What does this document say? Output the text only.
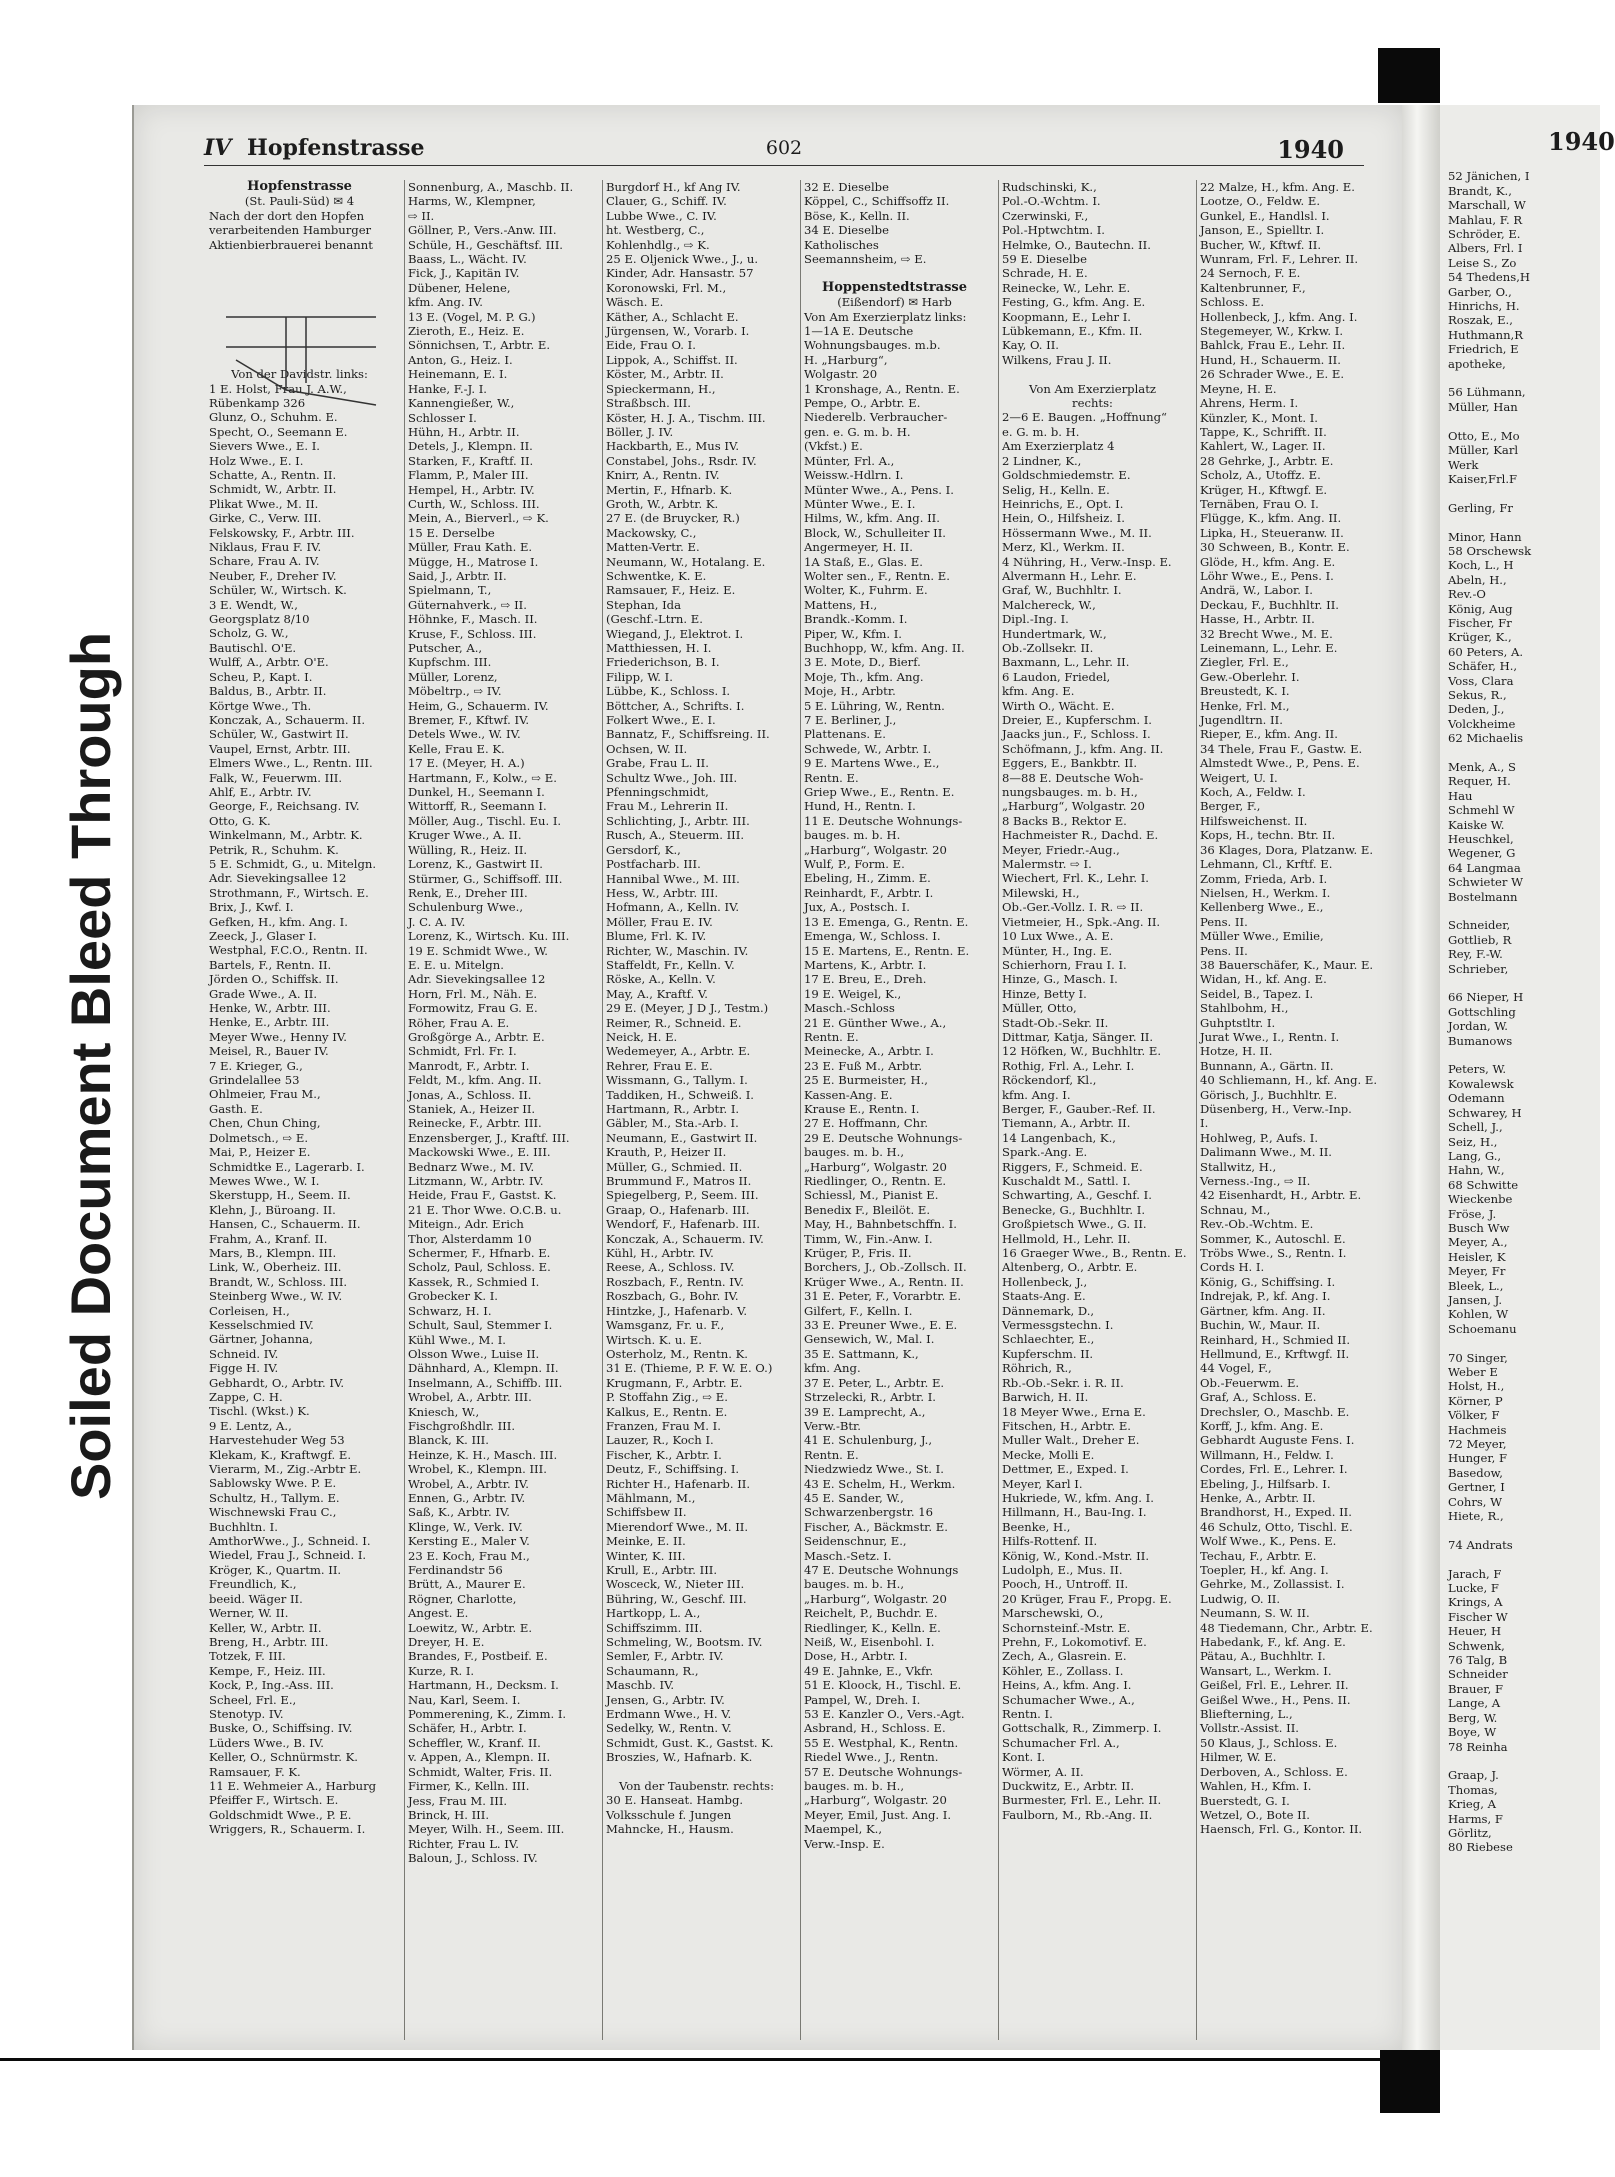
Soiled Document Bleed Through
IV Hopfenstrasse	602	1940
Hopfenstrasse
(St. Pauli-Süd) ✉ 4
Nach der dort den Hopfen
verarbeitenden Hamburger
Aktienbierbrauerei benannt
Von der Davidstr. links:
1 E. Holst, Frau J. A.W.,
Rübenkamp 326
Glunz, O., Schuhm. E.
Specht, O., Seemann E.
Sievers Wwe., E. I.
Holz Wwe., E. I.
Schatte, A., Rentn. II.
Schmidt, W., Arbtr. II.
Plikat Wwe., M. II.
Girke, C., Verw. III.
Felskowsky, F., Arbtr. III.
Niklaus, Frau F. IV.
Schare, Frau A. IV.
Neuber, F., Dreher IV.
Schüler, W., Wirtsch. K.
3 E. Wendt, W.,
Georgsplatz 8/10
Scholz, G. W.,
Bautischl. O'E.
Wulff, A., Arbtr. O'E.
Scheu, P., Kapt. I.
Baldus, B., Arbtr. II.
Körtge Wwe., Th.
Konczak, A., Schauerm. II.
Schüler, W., Gastwirt II.
Vaupel, Ernst, Arbtr. III.
Elmers Wwe., L., Rentn. III.
Falk, W., Feuerwm. III.
Ahlf, E., Arbtr. IV.
George, F., Reichsang. IV.
Otto, G. K.
Winkelmann, M., Arbtr. K.
Petrik, R., Schuhm. K.
5 E. Schmidt, G., u. Mitelgn.
Adr. Sievekingsallee 12
Strothmann, F., Wirtsch. E.
Brix, J., Kwf. I.
Gefken, H., kfm. Ang. I.
Zeeck, J., Glaser I.
Westphal, F.C.O., Rentn. II.
Bartels, F., Rentn. II.
Jörden O., Schiffsk. II.
Grade Wwe., A. II.
Henke, W., Arbtr. III.
Henke, E., Arbtr. III.
Meyer Wwe., Henny IV.
Meisel, R., Bauer IV.
7 E. Krieger, G.,
Grindelallee 53
Ohlmeier, Frau M.,
Gasth. E.
Chen, Chun Ching,
Dolmetsch., ⇨ E.
Mai, P., Heizer E.
Schmidtke E., Lagerarb. I.
Mewes Wwe., W. I.
Skerstupp, H., Seem. II.
Klehn, J., Büroang. II.
Hansen, C., Schauerm. II.
Frahm, A., Kranf. II.
Mars, B., Klempn. III.
Link, W., Oberheiz. III.
Brandt, W., Schloss. III.
Steinberg Wwe., W. IV.
Corleisen, H.,
Kesselschmied IV.
Gärtner, Johanna,
Schneid. IV.
Figge H. IV.
Gebhardt, O., Arbtr. IV.
Zappe, C. H.
Tischl. (Wkst.) K.
9 E. Lentz, A.,
Harvestehuder Weg 53
Klekam, K., Kraftwgf. E.
Vierarm, M., Zig.-Arbtr E.
Sablowsky Wwe. P. E.
Schultz, H., Tallym. E.
Wischnewski Frau C.,
Buchhltn. I.
AmthorWwe., J., Schneid. I.
Wiedel, Frau J., Schneid. I.
Kröger, K., Quartm. II.
Freundlich, K.,
beeid. Wäger II.
Werner, W. II.
Keller, W., Arbtr. II.
Breng, H., Arbtr. III.
Totzek, F. III.
Kempe, F., Heiz. III.
Kock, P., Ing.-Ass. III.
Scheel, Frl. E.,
Stenotyp. IV.
Buske, O., Schiffsing. IV.
Lüders Wwe., B. IV.
Keller, O., Schnürmstr. K.
Ramsauer, F. K.
11 E. Wehmeier A., Harburg
Pfeiffer F., Wirtsch. E.
Goldschmidt Wwe., P. E.
Wriggers, R., Schauerm. I.
Sonnenburg, A., Maschb. II.
Harms, W., Klempner,
⇨ II.
Göllner, P., Vers.-Anw. III.
Schüle, H., Geschäftsf. III.
Baass, L., Wächt. IV.
Fick, J., Kapitän IV.
Dübener, Helene,
kfm. Ang. IV.
13 E. (Vogel, M. P. G.)
Zieroth, E., Heiz. E.
Sönnichsen, T., Arbtr. E.
Anton, G., Heiz. I.
Heinemann, E. I.
Hanke, F.-J. I.
Kannengießer, W.,
Schlosser I.
Hühn, H., Arbtr. II.
Detels, J., Klempn. II.
Starken, F., Kraftf. II.
Flamm, P., Maler III.
Hempel, H., Arbtr. IV.
Curth, W., Schloss. III.
Mein, A., Bierverl., ⇨ K.
15 E. Derselbe
Müller, Frau Kath. E.
Mügge, H., Matrose I.
Said, J., Arbtr. II.
Spielmann, T.,
Güternahverk., ⇨ II.
Höhnke, F., Masch. II.
Kruse, F., Schloss. III.
Putscher, A.,
Kupfschm. III.
Müller, Lorenz,
Möbeltrp., ⇨ IV.
Heim, G., Schauerm. IV.
Bremer, F., Kftwf. IV.
Detels Wwe., W. IV.
Kelle, Frau E. K.
17 E. (Meyer, H. A.)
Hartmann, F., Kolw., ⇨ E.
Dunkel, H., Seemann I.
Wittorff, R., Seemann I.
Möller, Aug., Tischl. Eu. I.
Kruger Wwe., A. II.
Wülling, R., Heiz. II.
Lorenz, K., Gastwirt II.
Stürmer, G., Schiffsoff. III.
Renk, E., Dreher III.
Schulenburg Wwe.,
J. C. A. IV.
Lorenz, K., Wirtsch. Ku. III.
19 E. Schmidt Wwe., W.
E. E. u. Mitelgn.
Adr. Sievekingsallee 12
Horn, Frl. M., Näh. E.
Formowitz, Frau G. E.
Röher, Frau A. E.
Großgörge A., Arbtr. E.
Schmidt, Frl. Fr. I.
Manrodt, F., Arbtr. I.
Feldt, M., kfm. Ang. II.
Jonas, A., Schloss. II.
Staniek, A., Heizer II.
Reinecke, F., Arbtr. III.
Enzensberger, J., Kraftf. III.
Mackowski Wwe., E. III.
Bednarz Wwe., M. IV.
Litzmann, W., Arbtr. IV.
Heide, Frau F., Gastst. K.
21 E. Thor Wwe. O.C.B. u.
Miteign., Adr. Erich
Thor, Alsterdamm 10
Schermer, F., Hfnarb. E.
Scholz, Paul, Schloss. E.
Kassek, R., Schmied I.
Grobecker K. I.
Schwarz, H. I.
Schult, Saul, Stemmer I.
Kühl Wwe., M. I.
Olsson Wwe., Luise II.
Dähnhard, A., Klempn. II.
Inselmann, A., Schiffb. III.
Wrobel, A., Arbtr. III.
Kniesch, W.,
Fischgroßhdlr. III.
Blanck, K. III.
Heinze, K. H., Masch. III.
Wrobel, K., Klempn. III.
Wrobel, A., Arbtr. IV.
Ennen, G., Arbtr. IV.
Saß, K., Arbtr. IV.
Klinge, W., Verk. IV.
Kersting E., Maler V.
23 E. Koch, Frau M.,
Ferdinandstr 56
Brütt, A., Maurer E.
Rögner, Charlotte,
Angest. E.
Loewitz, W., Arbtr. E.
Dreyer, H. E.
Brandes, F., Postbeif. E.
Kurze, R. I.
Hartmann, H., Decksm. I.
Nau, Karl, Seem. I.
Pommerening, K., Zimm. I.
Schäfer, H., Arbtr. I.
Scheffler, W., Kranf. II.
v. Appen, A., Klempn. II.
Schmidt, Walter, Fris. II.
Firmer, K., Kelln. III.
Jess, Frau M. III.
Brinck, H. III.
Meyer, Wilh. H., Seem. III.
Richter, Frau L. IV.
Baloun, J., Schloss. IV.
Burgdorf H., kf Ang IV.
Clauer, G., Schiff. IV.
Lubbe Wwe., C. IV.
ht. Westberg, C.,
Kohlenhdlg., ⇨ K.
25 E. Oljenick Wwe., J., u.
Kinder, Adr. Hansastr. 57
Koronowski, Frl. M.,
Wäsch. E.
Käther, A., Schlacht E.
Jürgensen, W., Vorarb. I.
Eide, Frau O. I.
Lippok, A., Schiffst. II.
Köster, M., Arbtr. II.
Spieckermann, H.,
Straßbsch. III.
Köster, H. J. A., Tischm. III.
Böller, J. IV.
Hackbarth, E., Mus IV.
Constabel, Johs., Rsdr. IV.
Knirr, A., Rentn. IV.
Mertin, F., Hfnarb. K.
Groth, W., Arbtr. K.
27 E. (de Bruycker, R.)
Mackowsky, C.,
Matten-Vertr. E.
Neumann, W., Hotalang. E.
Schwentke, K. E.
Ramsauer, F., Heiz. E.
Stephan, Ida
(Geschf.-Ltrn. E.
Wiegand, J., Elektrot. I.
Matthiessen, H. I.
Friederichson, B. I.
Filipp, W. I.
Lübbe, K., Schloss. I.
Böttcher, A., Schrifts. I.
Folkert Wwe., E. I.
Bannatz, F., Schiffsreing. II.
Ochsen, W. II.
Grabe, Frau L. II.
Schultz Wwe., Joh. III.
Pfenningschmidt,
Frau M., Lehrerin II.
Schlichting, J., Arbtr. III.
Rusch, A., Steuerm. III.
Gersdorf, K.,
Postfacharb. III.
Hannibal Wwe., M. III.
Hess, W., Arbtr. III.
Hofmann, A., Kelln. IV.
Möller, Frau E. IV.
Blume, Frl. K. IV.
Richter, W., Maschin. IV.
Staffeldt, Fr., Kelln. V.
Röske, A., Kelln. V.
May, A., Kraftf. V.
29 E. (Meyer, J D J., Testm.)
Reimer, R., Schneid. E.
Neick, H. E.
Wedemeyer, A., Arbtr. E.
Rehrer, Frau E. E.
Wissmann, G., Tallym. I.
Taddiken, H., Schweiß. I.
Hartmann, R., Arbtr. I.
Gäbler, M., Sta.-Arb. I.
Neumann, E., Gastwirt II.
Krauth, P., Heizer II.
Müller, G., Schmied. II.
Brummund F., Matros II.
Spiegelberg, P., Seem. III.
Graap, O., Hafenarb. III.
Wendorf, F., Hafenarb. III.
Konczak, A., Schauerm. IV.
Kühl, H., Arbtr. IV.
Reese, A., Schloss. IV.
Roszbach, F., Rentn. IV.
Roszbach, G., Bohr. IV.
Hintzke, J., Hafenarb. V.
Wamsganz, Fr. u. F.,
Wirtsch. K. u. E.
Osterholz, M., Rentn. K.
31 E. (Thieme, P. F. W. E. O.)
Krugmann, F., Arbtr. E.
P. Stoffahn Zig., ⇨ E.
Kalkus, E., Rentn. E.
Franzen, Frau M. I.
Lauzer, R., Koch I.
Fischer, K., Arbtr. I.
Deutz, F., Schiffsing. I.
Richter H., Hafenarb. II.
Mählmann, M.,
Schiffsbew II.
Mierendorf Wwe., M. II.
Meinke, E. II.
Winter, K. III.
Krull, E., Arbtr. III.
Wosceck, W., Nieter III.
Bühring, W., Geschf. III.
Hartkopp, L. A.,
Schiffszimm. III.
Schmeling, W., Bootsm. IV.
Semler, F., Arbtr. IV.
Schaumann, R.,
Maschb. IV.
Jensen, G., Arbtr. IV.
Erdmann Wwe., H. V.
Sedelky, W., Rentn. V.
Schmidt, Gust. K., Gastst. K.
Broszies, W., Hafnarb. K.
Von der Taubenstr. rechts:
30 E. Hanseat. Hambg.
Volksschule f. Jungen
Mahncke, H., Hausm.
32 E. Dieselbe
Köppel, C., Schiffsoffz II.
Böse, K., Kelln. II.
34 E. Dieselbe
Katholisches
Seemannsheim, ⇨ E.
Hoppenstedtstrasse
(Eißendorf) ✉ Harb
Von Am Exerzierplatz links:
1—1A E. Deutsche
Wohnungsbauges. m.b.
H. „Harburg“,
Wolgastr. 20
1 Kronshage, A., Rentn. E.
Pempe, O., Arbtr. E.
Niederelb. Verbraucher-
gen. e. G. m. b. H.
(Vkfst.) E.
Münter, Frl. A.,
Weissw.-Hdlrn. I.
Münter Wwe., A., Pens. I.
Münter Wwe., E. I.
Hilms, W., kfm. Ang. II.
Block, W., Schulleiter II.
Angermeyer, H. II.
1A Staß, E., Glas. E.
Wolter sen., F., Rentn. E.
Wolter, K., Fuhrm. E.
Mattens, H.,
Brandk.-Komm. I.
Piper, W., Kfm. I.
Buchhopp, W., kfm. Ang. II.
3 E. Mote, D., Bierf.
Moje, Th., kfm. Ang.
Moje, H., Arbtr.
5 E. Lühring, W., Rentn.
7 E. Berliner, J.,
Plattenans. E.
Schwede, W., Arbtr. I.
9 E. Martens Wwe., E.,
Rentn. E.
Griep Wwe., E., Rentn. E.
Hund, H., Rentn. I.
11 E. Deutsche Wohnungs-
bauges. m. b. H.
„Harburg“, Wolgastr. 20
Wulf, P., Form. E.
Ebeling, H., Zimm. E.
Reinhardt, F., Arbtr. I.
Jux, A., Postsch. I.
13 E. Emenga, G., Rentn. E.
Emenga, W., Schloss. I.
15 E. Martens, E., Rentn. E.
Martens, K., Arbtr. I.
17 E. Breu, E., Dreh.
19 E. Weigel, K.,
Masch.-Schloss
21 E. Günther Wwe., A.,
Rentn. E.
Meinecke, A., Arbtr. I.
23 E. Fuß M., Arbtr.
25 E. Burmeister, H.,
Kassen-Ang. E.
Krause E., Rentn. I.
27 E. Hoffmann, Chr.
29 E. Deutsche Wohnungs-
bauges. m. b. H.,
„Harburg“, Wolgastr. 20
Riedlinger, O., Rentn. E.
Schiessl, M., Pianist E.
Benedix F., Bleilöt. E.
May, H., Bahnbetschffn. I.
Timm, W., Fin.-Anw. I.
Krüger, P., Fris. II.
Borchers, J., Ob.-Zollsch. II.
Krüger Wwe., A., Rentn. II.
31 E. Peter, F., Vorarbtr. E.
Gilfert, F., Kelln. I.
33 E. Preuner Wwe., E. E.
Gensewich, W., Mal. I.
35 E. Sattmann, K.,
kfm. Ang.
37 E. Peter, L., Arbtr. E.
Strzelecki, R., Arbtr. I.
39 E. Lamprecht, A.,
Verw.-Btr.
41 E. Schulenburg, J.,
Rentn. E.
Niedzwiedz Wwe., St. I.
43 E. Schelm, H., Werkm.
45 E. Sander, W.,
Schwarzenbergstr. 16
Fischer, A., Bäckmstr. E.
Seidenschnur, E.,
Masch.-Setz. I.
47 E. Deutsche Wohnungs
bauges. m. b. H.,
„Harburg“, Wolgastr. 20
Reichelt, P., Buchdr. E.
Riedlinger, K., Kelln. E.
Neiß, W., Eisenbohl. I.
Dose, H., Arbtr. I.
49 E. Jahnke, E., Vkfr.
51 E. Kloock, H., Tischl. E.
Pampel, W., Dreh. I.
53 E. Kanzler O., Vers.-Agt.
Asbrand, H., Schloss. E.
55 E. Westphal, K., Rentn.
Riedel Wwe., J., Rentn.
57 E. Deutsche Wohnungs-
bauges. m. b. H.,
„Harburg“, Wolgastr. 20
Meyer, Emil, Just. Ang. I.
Maempel, K.,
Verw.-Insp. E.
Rudschinski, K.,
Pol.-O.-Wchtm. I.
Czerwinski, F.,
Pol.-Hptwchtm. I.
Helmke, O., Bautechn. II.
59 E. Dieselbe
Schrade, H. E.
Reinecke, W., Lehr. E.
Festing, G., kfm. Ang. E.
Koopmann, E., Lehr I.
Lübkemann, E., Kfm. II.
Kay, O. II.
Wilkens, Frau J. II.
Von Am Exerzierplatz
rechts:
2—6 E. Baugen. „Hoffnung“
e. G. m. b. H.
Am Exerzierplatz 4
2 Lindner, K.,
Goldschmiedemstr. E.
Selig, H., Kelln. E.
Heinrichs, E., Opt. I.
Hein, O., Hilfsheiz. I.
Hössermann Wwe., M. II.
Merz, Kl., Werkm. II.
4 Nühring, H., Verw.-Insp. E.
Alvermann H., Lehr. E.
Graf, W., Buchhltr. I.
Malchereck, W.,
Dipl.-Ing. I.
Hundertmark, W.,
Ob.-Zollsekr. II.
Baxmann, L., Lehr. II.
6 Laudon, Friedel,
kfm. Ang. E.
Wirth O., Wächt. E.
Dreier, E., Kupferschm. I.
Jaacks jun., F., Schloss. I.
Schöfmann, J., kfm. Ang. II.
Eggers, E., Bankbtr. II.
8—88 E. Deutsche Woh-
nungsbauges. m. b. H.,
„Harburg“, Wolgastr. 20
8 Backs B., Rektor E.
Hachmeister R., Dachd. E.
Meyer, Friedr.-Aug.,
Malermstr. ⇨ I.
Wiechert, Frl. K., Lehr. I.
Milewski, H.,
Ob.-Ger.-Vollz. I. R. ⇨ II.
Vietmeier, H., Spk.-Ang. II.
10 Lux Wwe., A. E.
Münter, H., Ing. E.
Schierhorn, Frau I. I.
Hinze, G., Masch. I.
Hinze, Betty I.
Müller, Otto,
Stadt-Ob.-Sekr. II.
Dittmar, Katja, Sänger. II.
12 Höfken, W., Buchhltr. E.
Rothig, Frl. A., Lehr. I.
Röckendorf, Kl.,
kfm. Ang. I.
Berger, F., Gauber.-Ref. II.
Tiemann, A., Arbtr. II.
14 Langenbach, K.,
Spark.-Ang. E.
Riggers, F., Schmeid. E.
Kuschaldt M., Sattl. I.
Schwarting, A., Geschf. I.
Benecke, G., Buchhltr. I.
Großpietsch Wwe., G. II.
Hellmold, H., Lehr. II.
16 Graeger Wwe., B., Rentn. E.
Altenberg, O., Arbtr. E.
Hollenbeck, J.,
Staats-Ang. E.
Dännemark, D.,
Vermessgstechn. I.
Schlaechter, E.,
Kupferschm. II.
Röhrich, R.,
Rb.-Ob.-Sekr. i. R. II.
Barwich, H. II.
18 Meyer Wwe., Erna E.
Fitschen, H., Arbtr. E.
Muller Walt., Dreher E.
Mecke, Molli E.
Dettmer, E., Exped. I.
Meyer, Karl I.
Hukriede, W., kfm. Ang. I.
Hillmann, H., Bau-Ing. I.
Beenke, H.,
Hilfs-Rottenf. II.
König, W., Kond.-Mstr. II.
Ludolph, E., Mus. II.
Pooch, H., Untroff. II.
20 Krüger, Frau F., Propg. E.
Marschewski, O.,
Schornsteinf.-Mstr. E.
Prehn, F., Lokomotivf. E.
Zech, A., Glasrein. E.
Köhler, E., Zollass. I.
Heins, A., kfm. Ang. I.
Schumacher Wwe., A.,
Rentn. I.
Gottschalk, R., Zimmerp. I.
Schumacher Frl. A.,
Kont. I.
Wörmer, A. II.
Duckwitz, E., Arbtr. II.
Burmester, Frl. E., Lehr. II.
Faulborn, M., Rb.-Ang. II.
22 Malze, H., kfm. Ang. E.
Lootze, O., Feldw. E.
Gunkel, E., Handlsl. I.
Janson, E., Spielltr. I.
Bucher, W., Kftwf. II.
Wunram, Frl. F., Lehrer. II.
24 Sernoch, F. E.
Kaltenbrunner, F.,
Schloss. E.
Hollenbeck, J., kfm. Ang. I.
Stegemeyer, W., Krkw. I.
Bahlck, Frau E., Lehr. II.
Hund, H., Schauerm. II.
26 Schrader Wwe., E. E.
Meyne, H. E.
Ahrens, Herm. I.
Künzler, K., Mont. I.
Tappe, K., Schrifft. II.
Kahlert, W., Lager. II.
28 Gehrke, J., Arbtr. E.
Scholz, A., Utoffz. E.
Krüger, H., Kftwgf. E.
Ternäben, Frau O. I.
Flügge, K., kfm. Ang. II.
Lipka, H., Steueranw. II.
30 Schween, B., Kontr. E.
Glöde, H., kfm. Ang. E.
Löhr Wwe., E., Pens. I.
Andrä, W., Labor. I.
Deckau, F., Buchhltr. II.
Hasse, H., Arbtr. II.
32 Brecht Wwe., M. E.
Leinemann, L., Lehr. E.
Ziegler, Frl. E.,
Gew.-Oberlehr. I.
Breustedt, K. I.
Henke, Frl. M.,
Jugendltrn. II.
Rieper, E., kfm. Ang. II.
34 Thele, Frau F., Gastw. E.
Almstedt Wwe., P., Pens. E.
Weigert, U. I.
Koch, A., Feldw. I.
Berger, F.,
Hilfsweichenst. II.
Kops, H., techn. Btr. II.
36 Klages, Dora, Platzanw. E.
Lehmann, Cl., Krftf. E.
Zomm, Frieda, Arb. I.
Nielsen, H., Werkm. I.
Kellenberg Wwe., E.,
Pens. II.
Müller Wwe., Emilie,
Pens. II.
38 Bauerschäfer, K., Maur. E.
Widan, H., kf. Ang. E.
Seidel, B., Tapez. I.
Stahlbohm, H.,
Guhptstltr. I.
Jurat Wwe., I., Rentn. I.
Hotze, H. II.
Bunnann, A., Gärtn. II.
40 Schliemann, H., kf. Ang. E.
Görisch, J., Buchhltr. E.
Düsenberg, H., Verw.-Inp.
I.
Hohlweg, P., Aufs. I.
Dalimann Wwe., M. II.
Stallwitz, H.,
Verness.-Ing., ⇨ II.
42 Eisenhardt, H., Arbtr. E.
Schnau, M.,
Rev.-Ob.-Wchtm. E.
Sommer, K., Autoschl. E.
Tröbs Wwe., S., Rentn. I.
Cords H. I.
König, G., Schiffsing. I.
Indrejak, P., kf. Ang. I.
Gärtner, kfm. Ang. II.
Buchin, W., Maur. II.
Reinhard, H., Schmied II.
Hellmund, E., Krftwgf. II.
44 Vogel, F.,
Ob.-Feuerwm. E.
Graf, A., Schloss. E.
Drechsler, O., Maschb. E.
Korff, J., kfm. Ang. E.
Gebhardt Auguste Fens. I.
Willmann, H., Feldw. I.
Cordes, Frl. E., Lehrer. I.
Ebeling, J., Hilfsarb. I.
Henke, A., Arbtr. II.
Brandhorst, H., Exped. II.
46 Schulz, Otto, Tischl. E.
Wolf Wwe., K., Pens. E.
Techau, F., Arbtr. E.
Toepler, H., kf. Ang. I.
Gehrke, M., Zollassist. I.
Ludwig, O. II.
Neumann, S. W. II.
48 Tiedemann, Chr., Arbtr. E.
Habedank, F., kf. Ang. E.
Pätau, A., Buchhltr. I.
Wansart, L., Werkm. I.
Geißel, Frl. E., Lehrer. II.
Geißel Wwe., H., Pens. II.
Bliefterning, L.,
Vollstr.-Assist. II.
50 Klaus, J., Schloss. E.
Hilmer, W. E.
Derboven, A., Schloss. E.
Wahlen, H., Kfm. I.
Buerstedt, G. I.
Wetzel, O., Bote II.
Haensch, Frl. G., Kontor. II.
1940
52 Jänichen, I
Brandt, K.,
Marschall, W
Mahlau, F. R
Schröder, E.
Albers, Frl. I
Leise S., Zo
54 Thedens,H
Garber, O.,
Hinrichs, H.
Roszak, E.,
Huthmann,R
Friedrich, E
apotheke,
56 Lühmann,
Müller, Han
Otto, E., Mo
Müller, Karl
Werk
Kaiser,Frl.F
Gerling, Fr
Minor, Hann
58 Orschewsk
Koch, L., H
Abeln, H.,
Rev.-O
König, Aug
Fischer, Fr
Krüger, K.,
60 Peters, A.
Schäfer, H.,
Voss, Clara
Sekus, R.,
Deden, J.,
Volckheime
62 Michaelis
Menk, A., S
Requer, H.
Hau
Schmehl W
Kaiske W.
Heuschkel,
Wegener, G
64 Langmaa
Schwieter W
Bostelmann
Schneider,
Gottlieb, R
Rey, F.-W.
Schrieber,
66 Nieper, H
Gottschling
Jordan, W.
Bumanows
Peters, W.
Kowalewsk
Odemann
Schwarey, H
Schell, J.,
Seiz, H.,
Lang, G.,
Hahn, W.,
68 Schwitte
Wieckenbe
Fröse, J.
Busch Ww
Meyer, A.,
Heisler, K
Meyer, Fr
Bleek, L.,
Jansen, J.
Kohlen, W
Schoemanu
70 Singer,
Weber E
Holst, H.,
Körner, P
Völker, F
Hachmeis
72 Meyer,
Hunger, F
Basedow,
Gertner, I
Cohrs, W
Hiete, R.,
74 Andrats
Jarach, F
Lucke, F
Krings, A
Fischer W
Heuer, H
Schwenk,
76 Talg, B
Schneider
Brauer, F
Lange, A
Berg, W.
Boye, W
78 Reinha
Graap, J.
Thomas,
Krieg, A
Harms, F
Görlitz,
80 Riebese
